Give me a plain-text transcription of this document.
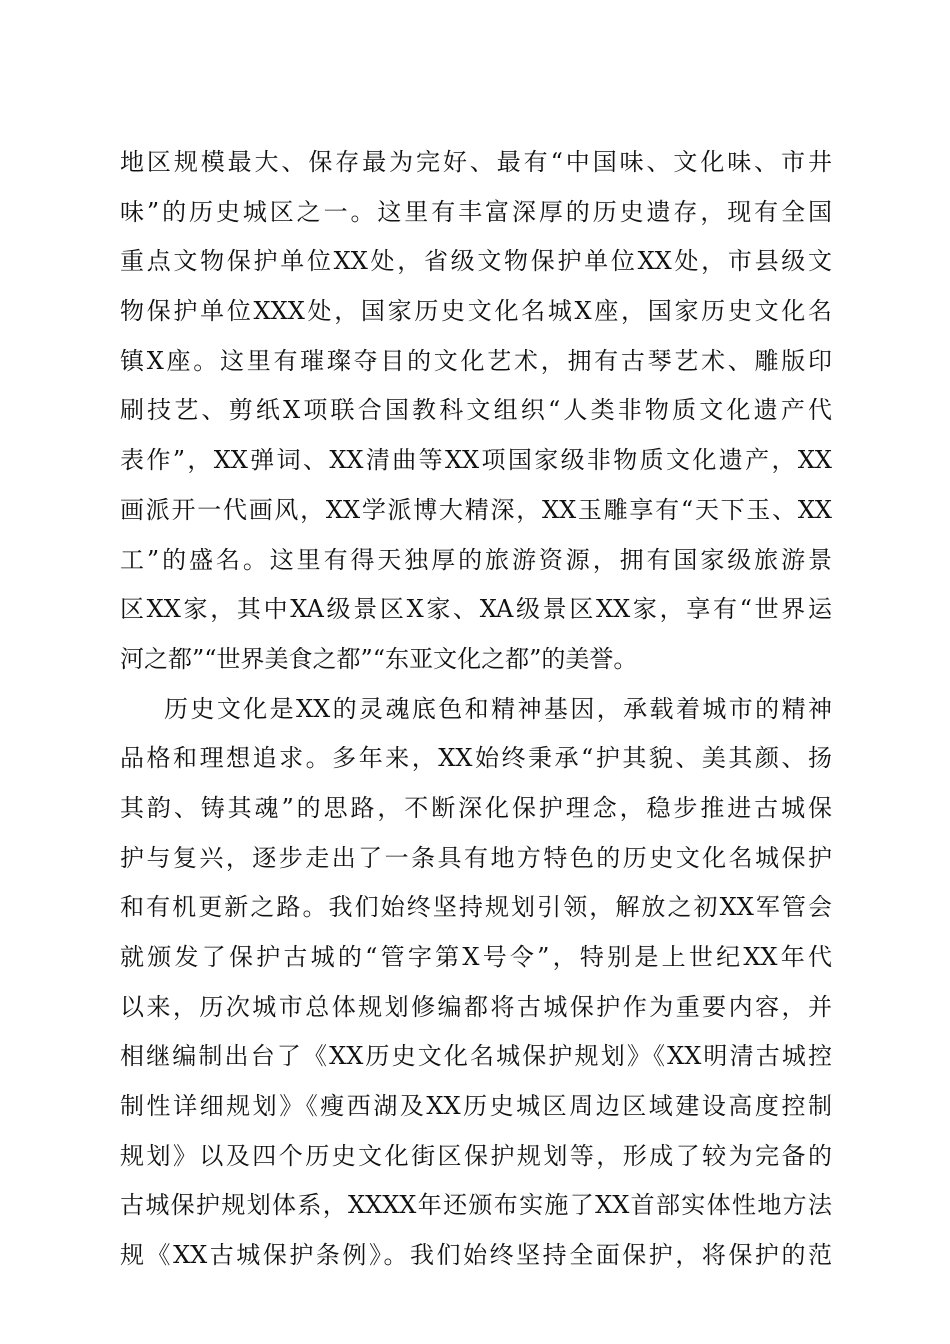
地区规模最大、保存最为完好、最有“中国味、文化味、市井
味”的历史城区之一。这里有丰富深厚的历史遗存，现有全国
重点文物保护单位XX处，省级文物保护单位XX处，市县级文
物保护单位XXX处，国家历史文化名城X座，国家历史文化名
镇X座。这里有璀璨夺目的文化艺术，拥有古琴艺术、雕版印
刷技艺、剪纸X项联合国教科文组织“人类非物质文化遗产代
表作”，XX弹词、XX清曲等XX项国家级非物质文化遗产，XX
画派开一代画风，XX学派博大精深，XX玉雕享有“天下玉、XX
工”的盛名。这里有得天独厚的旅游资源，拥有国家级旅游景
区XX家，其中XA级景区X家、XA级景区XX家，享有“世界运
河之都”“世界美食之都”“东亚文化之都”的美誉。
历史文化是XX的灵魂底色和精神基因，承载着城市的精神
品格和理想追求。多年来，XX始终秉承“护其貌、美其颜、扬
其韵、铸其魂”的思路，不断深化保护理念，稳步推进古城保
护与复兴，逐步走出了一条具有地方特色的历史文化名城保护
和有机更新之路。我们始终坚持规划引领，解放之初XX军管会
就颁发了保护古城的“管字第X号令”，特别是上世纪XX年代
以来，历次城市总体规划修编都将古城保护作为重要内容，并
相继编制出台了《XX历史文化名城保护规划》《XX明清古城控
制性详细规划》《瘦西湖及XX历史城区周边区域建设高度控制
规划》以及四个历史文化街区保护规划等，形成了较为完备的
古城保护规划体系，XXXX年还颁布实施了XX首部实体性地方法
规《XX古城保护条例》。我们始终坚持全面保护，将保护的范
